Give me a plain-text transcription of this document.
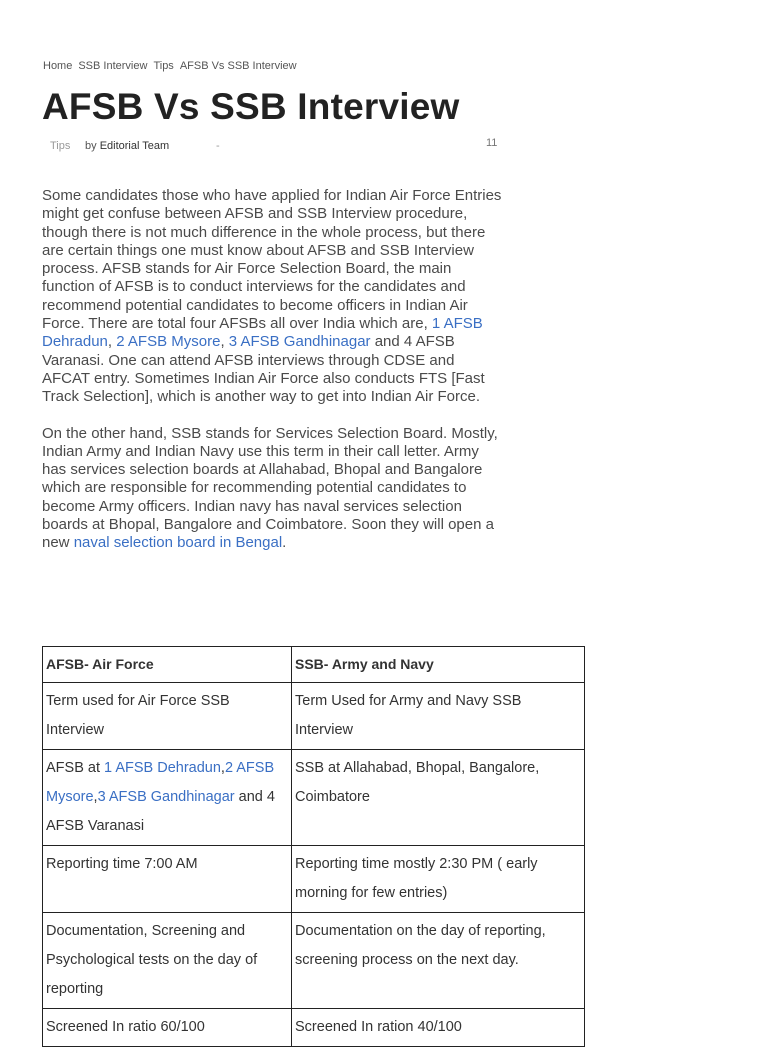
Home SSB Interview Tips AFSB Vs SSB Interview
AFSB Vs SSB Interview
Tips by Editorial Team	-	11

Some candidates those who have applied for Indian Air Force Entries might get confuse between AFSB and SSB Interview procedure, though there is not much difference in the whole process, but there are certain things one must know about AFSB and SSB Interview process. AFSB stands for Air Force Selection Board, the main function of AFSB is to conduct interviews for the candidates and recommend potential candidates to become officers in Indian Air Force. There are total four AFSBs all over India which are, 1 AFSB Dehradun, 2 AFSB Mysore, 3 AFSB Gandhinagar and 4 AFSB Varanasi. One can attend AFSB interviews through CDSE and AFCAT entry. Sometimes Indian Air Force also conducts FTS [Fast Track Selection], which is another way to get into Indian Air Force.

On the other hand, SSB stands for Services Selection Board. Mostly, Indian Army and Indian Navy use this term in their call letter. Army has services selection boards at Allahabad, Bhopal and Bangalore which are responsible for recommending potential candidates to become Army officers. Indian navy has naval services selection boards at Bhopal, Bangalore and Coimbatore. Soon they will open a new naval selection board in Bengal.

AFSB- Air Force	SSB- Army and Navy
Term used for Air Force SSB Interview	Term Used for Army and Navy SSB Interview
AFSB at 1 AFSB Dehradun,2 AFSB Mysore,3 AFSB Gandhinagar and 4 AFSB Varanasi	SSB at Allahabad, Bhopal, Bangalore, Coimbatore
Reporting time 7:00 AM	Reporting time mostly 2:30 PM ( early morning for few entries)
Documentation, Screening and Psychological tests on the day of reporting	Documentation on the day of reporting, screening process on the next day.
Screened In ratio 60/100	Screened In ration 40/100
